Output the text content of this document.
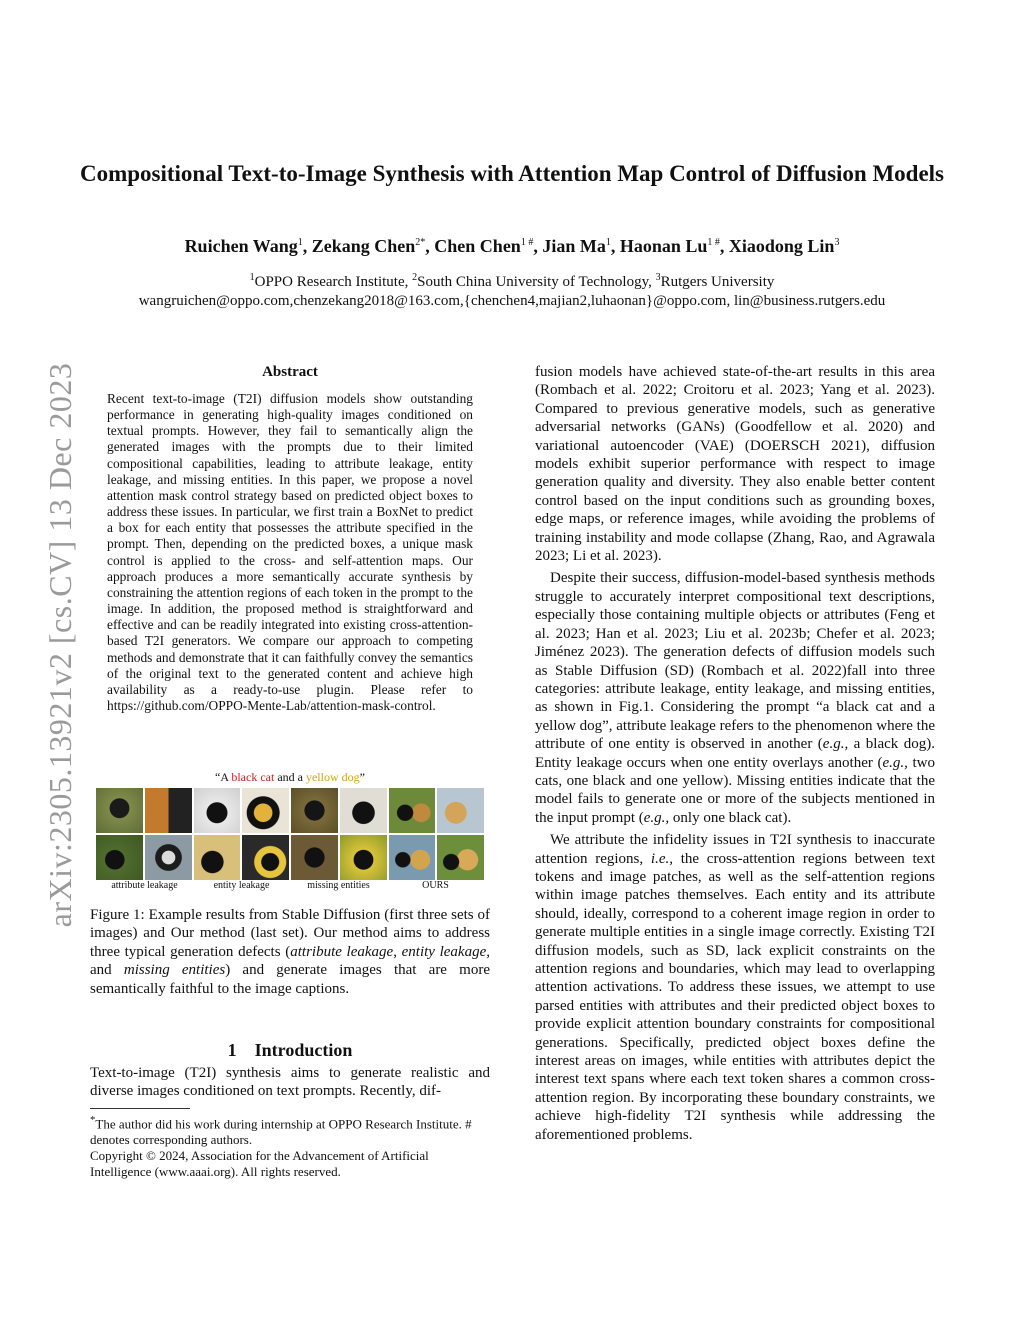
arXiv:2305.13921v2 [cs.CV] 13 Dec 2023
Compositional Text-to-Image Synthesis with Attention Map Control of Diffusion Models
Ruichen Wang$^1$, Zekang Chen$^{2*}$, Chen Chen$^{1 \#}$, Jian Ma$^1$, Haonan $Lu^{1 \#}$, Xiaodong Lin$^3$
$^1$OPPO Research Institute, $^2$South China University of Technology, $^3$Rutgers University
wangruichen@oppo.com,chenzekang2018@163.com,{chenchen4,majian2,luhaonan}@oppo.com, lin@business.rutgers.edu
Abstract
Recent text-to-image (T2I) diffusion models show outstanding performance in generating high-quality images conditioned on textual prompts. However, they fail to semantically align the generated images with the prompts due to their limited compositional capabilities, leading to attribute leakage, entity leakage, and missing entities. In this paper, we propose a novel attention mask control strategy based on predicted object boxes to address these issues. In particular, we first train a BoxNet to predict a box for each entity that possesses the attribute specified in the prompt. Then, depending on the predicted boxes, a unique mask control is applied to the cross- and self-attention maps. Our approach produces a more semantically accurate synthesis by constraining the attention regions of each token in the prompt to the image. In addition, the proposed method is straightforward and effective and can be readily integrated into existing cross-attention-based T2I generators. We compare our approach to competing methods and demonstrate that it can faithfully convey the semantics of the original text to the generated content and achieve high availability as a ready-to-use plugin. Please refer to https://github.com/OPPO-Mente-Lab/attention-mask-control.
“A black cat and a yellow dog”
attribute leakage	entity leakage	missing entities	OURS
Figure 1: Example results from Stable Diffusion (first three sets of images) and Our method (last set). Our method aims to address three typical generation defects (attribute leakage, entity leakage, and missing entities) and generate images that are more semantically faithful to the image captions.
1 Introduction
Text-to-image (T2I) synthesis aims to generate realistic and diverse images conditioned on text prompts. Recently, dif-
*The author did his work during internship at OPPO Research Institute. # denotes corresponding authors.
Copyright © 2024, Association for the Advancement of Artificial Intelligence (www.aaai.org). All rights reserved.

fusion models have achieved state-of-the-art results in this area (Rombach et al. 2022; Croitoru et al. 2023; Yang et al. 2023). Compared to previous generative models, such as generative adversarial networks (GANs) (Goodfellow et al. 2020) and variational autoencoder (VAE) (DOERSCH 2021), diffusion models exhibit superior performance with respect to image generation quality and diversity. They also enable better content control based on the input conditions such as grounding boxes, edge maps, or reference images, while avoiding the problems of training instability and mode collapse (Zhang, Rao, and Agrawala 2023; Li et al. 2023).

Despite their success, diffusion-model-based synthesis methods struggle to accurately interpret compositional text descriptions, especially those containing multiple objects or attributes (Feng et al. 2023; Han et al. 2023; Liu et al. 2023b; Chefer et al. 2023; Jiménez 2023). The generation defects of diffusion models such as Stable Diffusion (SD) (Rombach et al. 2022)fall into three categories: attribute leakage, entity leakage, and missing entities, as shown in Fig.1. Considering the prompt “a black cat and a yellow dog”, attribute leakage refers to the phenomenon where the attribute of one entity is observed in another (e.g., a black dog). Entity leakage occurs when one entity overlays another (e.g., two cats, one black and one yellow). Missing entities indicate that the model fails to generate one or more of the subjects mentioned in the input prompt (e.g., only one black cat).

We attribute the infidelity issues in T2I synthesis to inaccurate attention regions, i.e., the cross-attention regions between text tokens and image patches, as well as the self-attention regions within image patches themselves. Each entity and its attribute should, ideally, correspond to a coherent image region in order to generate multiple entities in a single image correctly. Existing T2I diffusion models, such as SD, lack explicit constraints on the attention regions and boundaries, which may lead to overlapping attention activations. To address these issues, we attempt to use parsed entities with attributes and their predicted object boxes to provide explicit attention boundary constraints for compositional generations. Specifically, predicted object boxes define the interest areas on images, while entities with attributes depict the interest text spans where each text token shares a common cross-attention region. By incorporating these boundary constraints, we achieve high-fidelity T2I synthesis while addressing the aforementioned problems.
